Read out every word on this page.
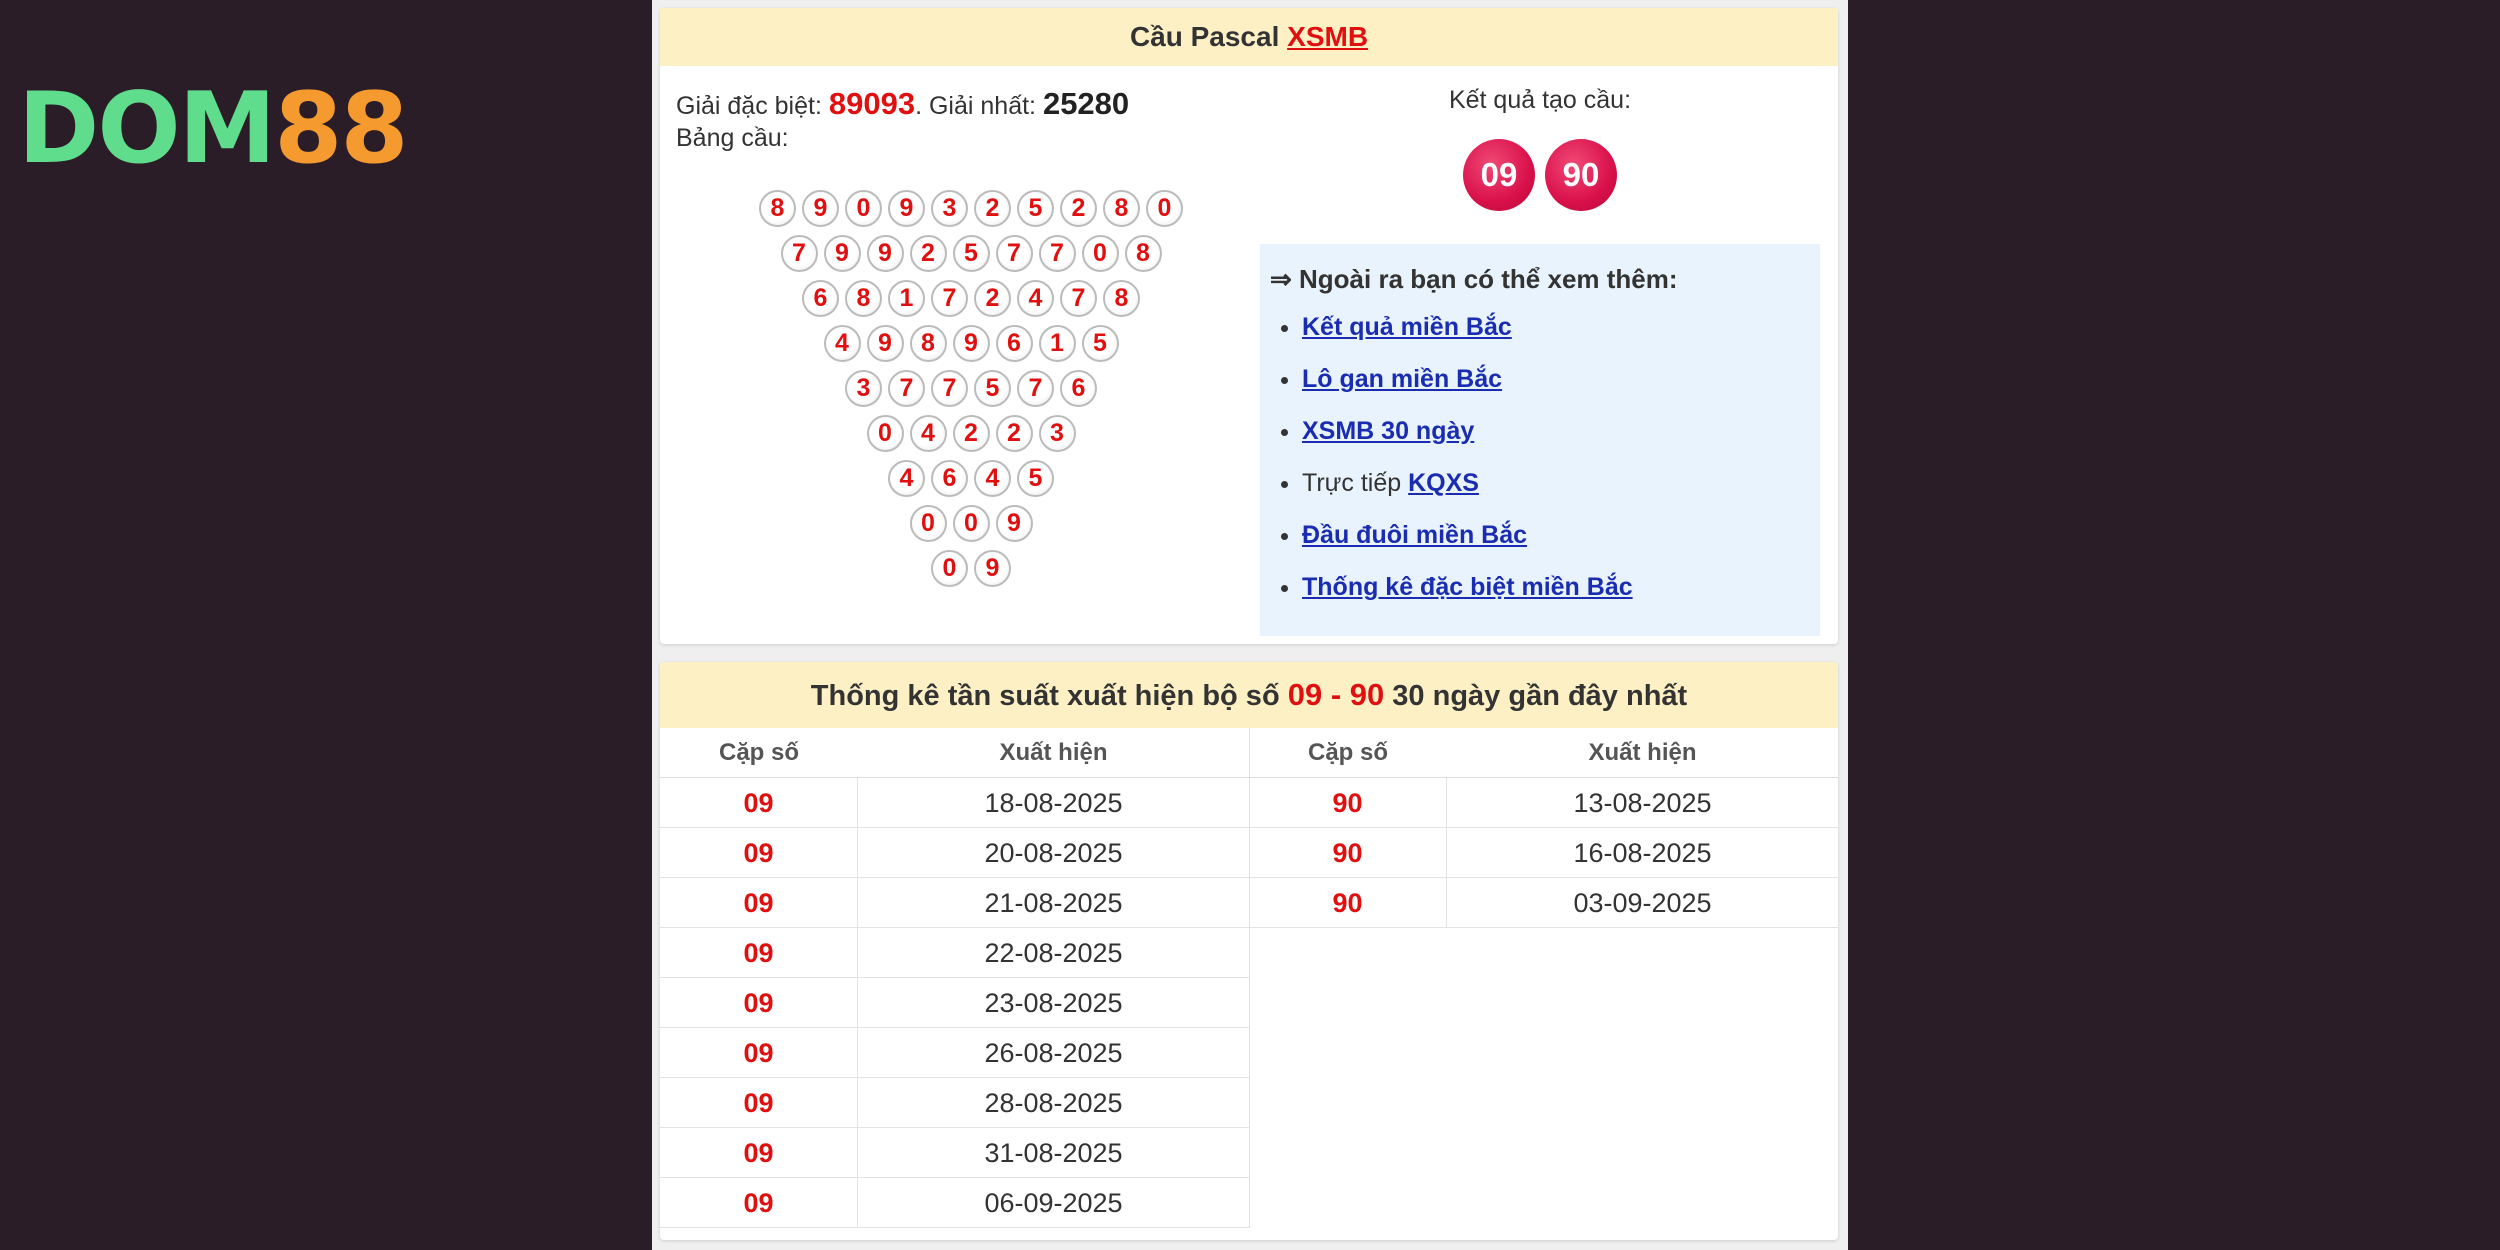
DOM88
Cầu Pascal XSMB
Giải đặc biệt: 89093. Giải nhất: 25280
Bảng cầu:
8	9	0	9	3	2	5	2	8	0
7	9	9	2	5	7	7	0	8
6	8	1	7	2	4	7	8
4	9	8	9	6	1	5
3	7	7	5	7	6
0	4	2	2	3
4	6	4	5
0	0	9
0	9
Kết quả tạo cầu:
09	90
⇒ Ngoài ra bạn có thể xem thêm:
• Kết quả miền Bắc
• Lô gan miền Bắc
• XSMB 30 ngày
• Trực tiếp KQXS
• Đầu đuôi miền Bắc
• Thống kê đặc biệt miền Bắc
Thống kê tần suất xuất hiện bộ số 09 - 90 30 ngày gần đây nhất
Cặp số	Xuất hiện
09	18-08-2025
09	20-08-2025
09	21-08-2025
09	22-08-2025
09	23-08-2025
09	26-08-2025
09	28-08-2025
09	31-08-2025
09	06-09-2025
Cặp số	Xuất hiện
90	13-08-2025
90	16-08-2025
90	03-09-2025
